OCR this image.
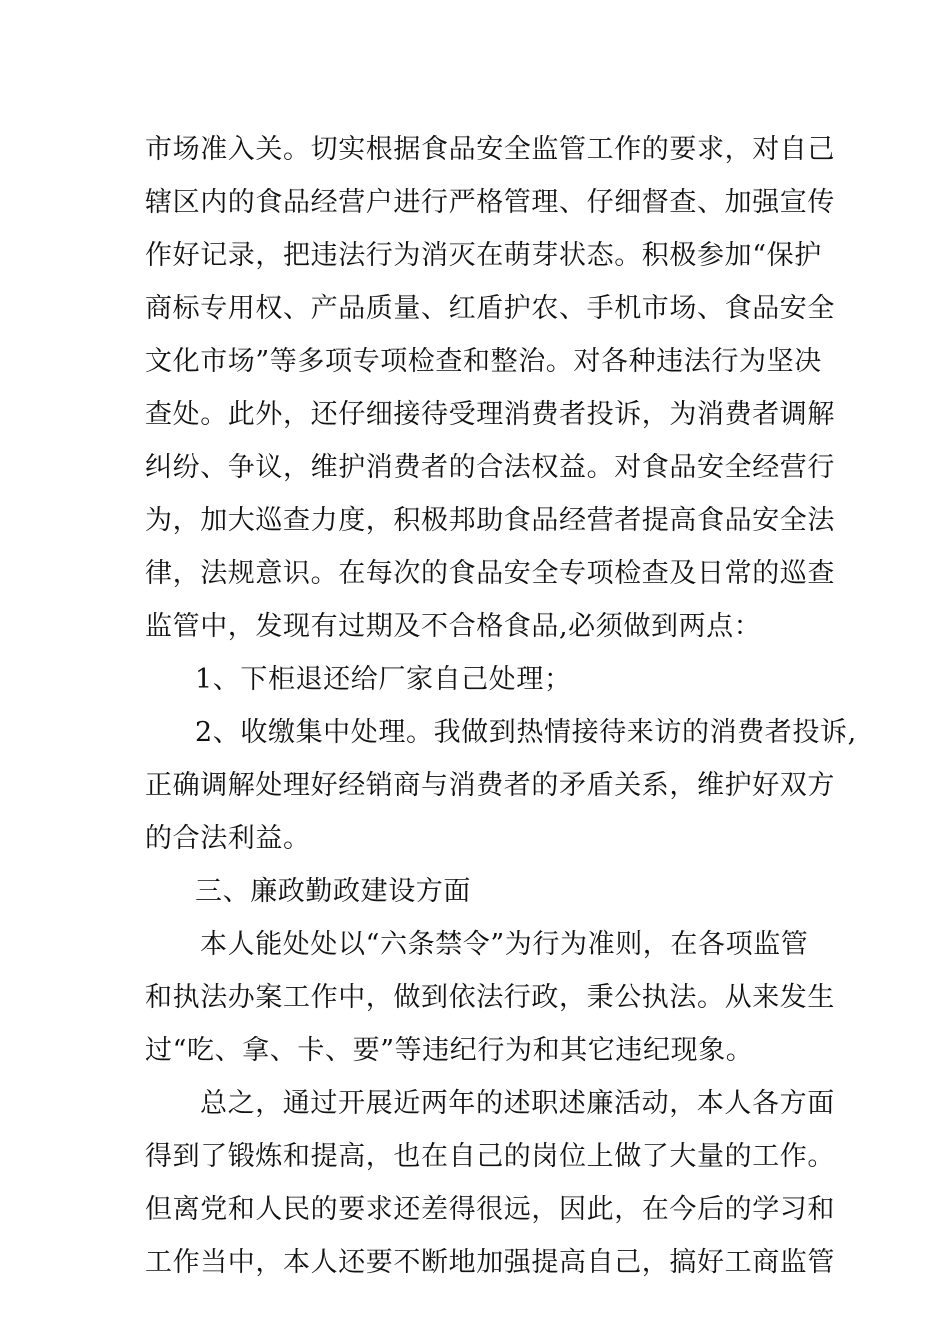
市场准入关。切实根据食品安全监管工作的要求，对自己
辖区内的食品经营户进行严格管理、仔细督查、加强宣传
作好记录，把违法行为消灭在萌芽状态。积极参加“保护
商标专用权、产品质量、红盾护农、手机市场、食品安全
文化市场”等多项专项检查和整治。对各种违法行为坚决
查处。此外，还仔细接待受理消费者投诉，为消费者调解
纠纷、争议，维护消费者的合法权益。对食品安全经营行
为，加大巡查力度，积极邦助食品经营者提高食品安全法
律，法规意识。在每次的食品安全专项检查及日常的巡查
监管中，发现有过期及不合格食品,必须做到两点：
1、下柜退还给厂家自己处理；
2、收缴集中处理。我做到热情接待来访的消费者投诉,
正确调解处理好经销商与消费者的矛盾关系，维护好双方
的合法利益。
三、廉政勤政建设方面
本人能处处以“六条禁令”为行为准则，在各项监管
和执法办案工作中，做到依法行政，秉公执法。从来发生
过“吃、拿、卡、要”等违纪行为和其它违纪现象。
总之，通过开展近两年的述职述廉活动，本人各方面
得到了锻炼和提高，也在自己的岗位上做了大量的工作。
但离党和人民的要求还差得很远，因此，在今后的学习和
工作当中，本人还要不断地加强提高自己，搞好工商监管
